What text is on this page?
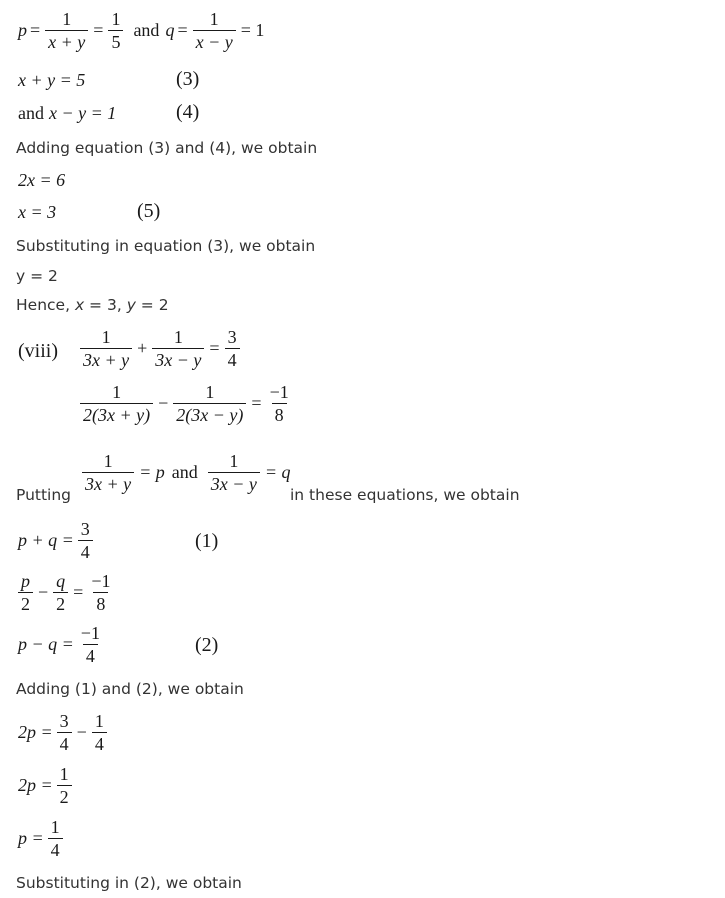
$p = \frac{1}{x + y} = \frac{1}{5}$ and $q = \frac{1}{x - y} = 1$
x + y = 5	(3)
and x − y = 1	(4)
Adding equation (3) and (4), we obtain
2x = 6
x = 3	(5)
Substituting in equation (3), we obtain
y = 2
Hence, x = 3, y = 2
(viii) $\frac{1}{3x + y} + \frac{1}{3x - y} = \frac{3}{4}$
$\frac{1}{2(3x + y)} - \frac{1}{2(3x - y)} = \frac{-1}{8}$
Putting
$\frac{1}{3x + y} = p$ and $\frac{1}{3x - y} = q$
in these equations, we obtain
$p + q = \frac{3}{4}$	(1)
$\frac{p}{2} - \frac{q}{2} = \frac{-1}{8}$
$p - q = \frac{-1}{4}$	(2)
Adding (1) and (2), we obtain
$2p = \frac{3}{4} - \frac{1}{4}$
$2p = \frac{1}{2}$
$p = \frac{1}{4}$
Substituting in (2), we obtain
